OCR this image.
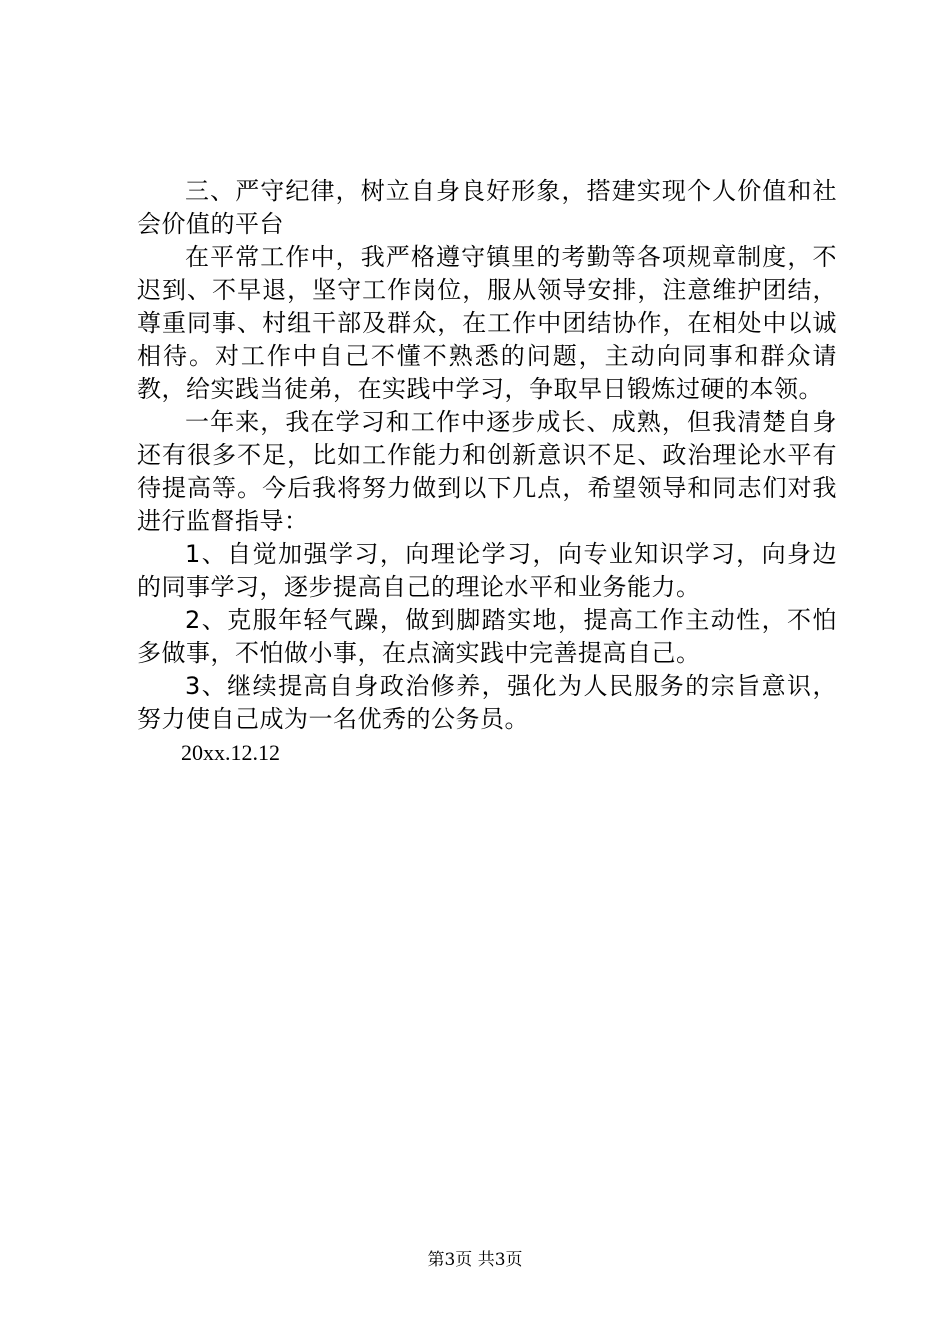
三、严守纪律，树立自身良好形象，搭建实现个人价值和社会价值的平台

在平常工作中，我严格遵守镇里的考勤等各项规章制度，不迟到、不早退，坚守工作岗位，服从领导安排，注意维护团结，尊重同事、村组干部及群众，在工作中团结协作，在相处中以诚相待。对工作中自己不懂不熟悉的问题，主动向同事和群众请教，给实践当徒弟，在实践中学习，争取早日锻炼过硬的本领。

一年来，我在学习和工作中逐步成长、成熟，但我清楚自身还有很多不足，比如工作能力和创新意识不足、政治理论水平有待提高等。今后我将努力做到以下几点，希望领导和同志们对我进行监督指导：

1、自觉加强学习，向理论学习，向专业知识学习，向身边的同事学习，逐步提高自己的理论水平和业务能力。

2、克服年轻气躁，做到脚踏实地，提高工作主动性，不怕多做事，不怕做小事，在点滴实践中完善提高自己。

3、继续提高自身政治修养，强化为人民服务的宗旨意识，努力使自己成为一名优秀的公务员。

20xx.12.12

第3页 共3页
